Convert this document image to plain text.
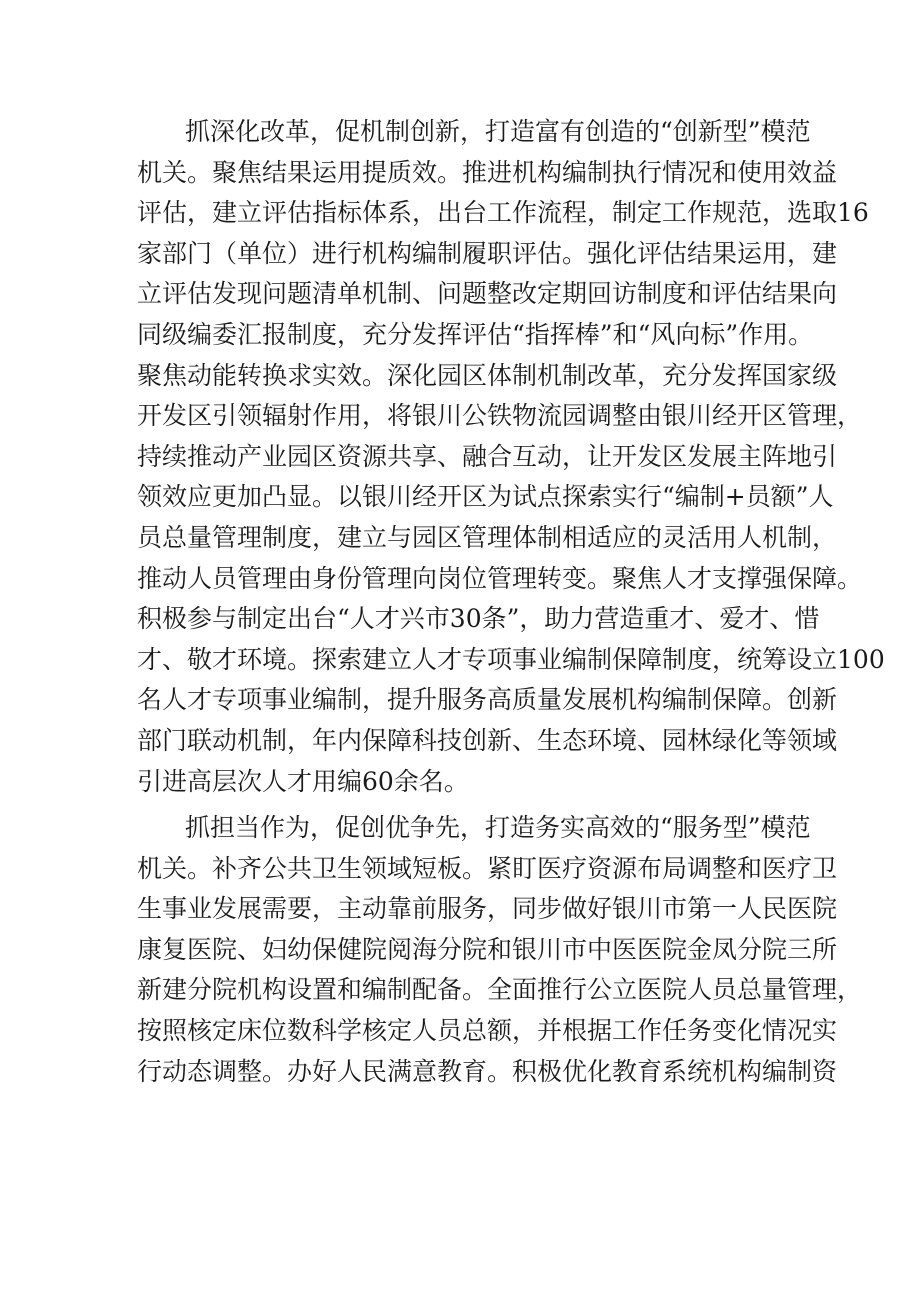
抓深化改革，促机制创新，打造富有创造的“创新型”模范
机关。聚焦结果运用提质效。推进机构编制执行情况和使用效益
评估，建立评估指标体系，出台工作流程，制定工作规范，选取16
家部门（单位）进行机构编制履职评估。强化评估结果运用，建
立评估发现问题清单机制、问题整改定期回访制度和评估结果向
同级编委汇报制度，充分发挥评估“指挥棒”和“风向标”作用。
聚焦动能转换求实效。深化园区体制机制改革，充分发挥国家级
开发区引领辐射作用，将银川公铁物流园调整由银川经开区管理，
持续推动产业园区资源共享、融合互动，让开发区发展主阵地引
领效应更加凸显。以银川经开区为试点探索实行“编制+员额”人
员总量管理制度，建立与园区管理体制相适应的灵活用人机制，
推动人员管理由身份管理向岗位管理转变。聚焦人才支撑强保障。
积极参与制定出台“人才兴市30条”，助力营造重才、爱才、惜
才、敬才环境。探索建立人才专项事业编制保障制度，统筹设立100
名人才专项事业编制，提升服务高质量发展机构编制保障。创新
部门联动机制，年内保障科技创新、生态环境、园林绿化等领域
引进高层次人才用编60余名。
抓担当作为，促创优争先，打造务实高效的“服务型”模范
机关。补齐公共卫生领域短板。紧盯医疗资源布局调整和医疗卫
生事业发展需要，主动靠前服务，同步做好银川市第一人民医院
康复医院、妇幼保健院阅海分院和银川市中医医院金凤分院三所
新建分院机构设置和编制配备。全面推行公立医院人员总量管理，
按照核定床位数科学核定人员总额，并根据工作任务变化情况实
行动态调整。办好人民满意教育。积极优化教育系统机构编制资
